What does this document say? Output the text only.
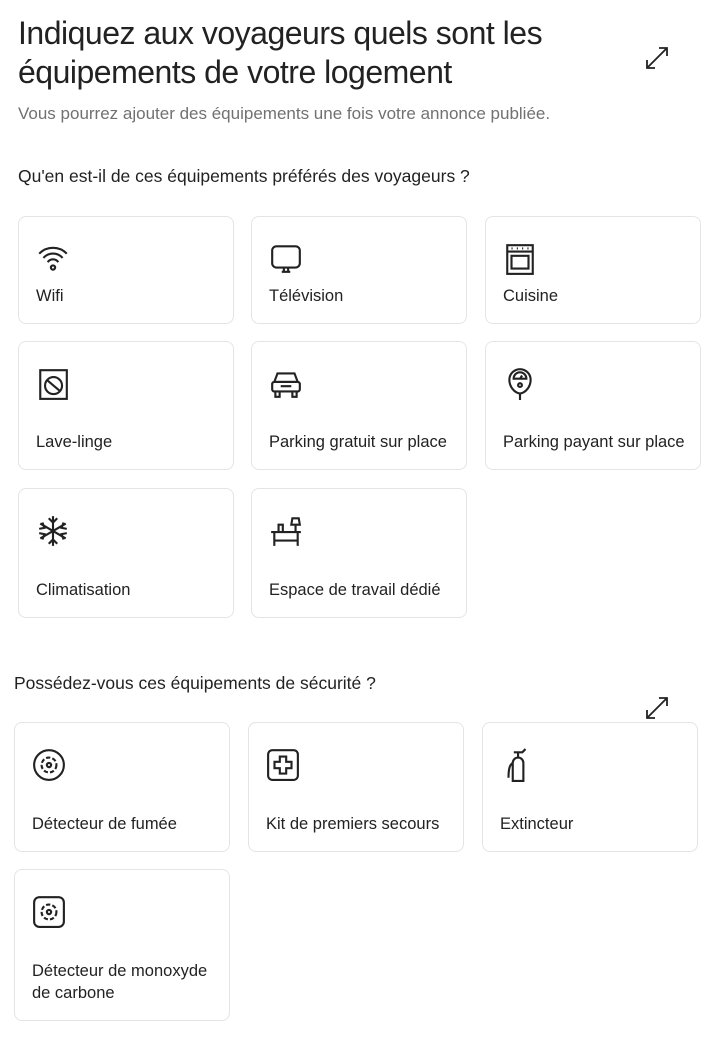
Indiquez aux voyageurs quels sont les équipements de votre logement
Vous pourrez ajouter des équipements une fois votre annonce publiée.
Qu'en est-il de ces équipements préférés des voyageurs ?
Wifi	Télévision	Cuisine
Lave-linge	Parking gratuit sur place	Parking payant sur place
Climatisation	Espace de travail dédié
Possédez-vous ces équipements de sécurité ?
Détecteur de fumée	Kit de premiers secours	Extincteur
Détecteur de monoxyde de carbone
